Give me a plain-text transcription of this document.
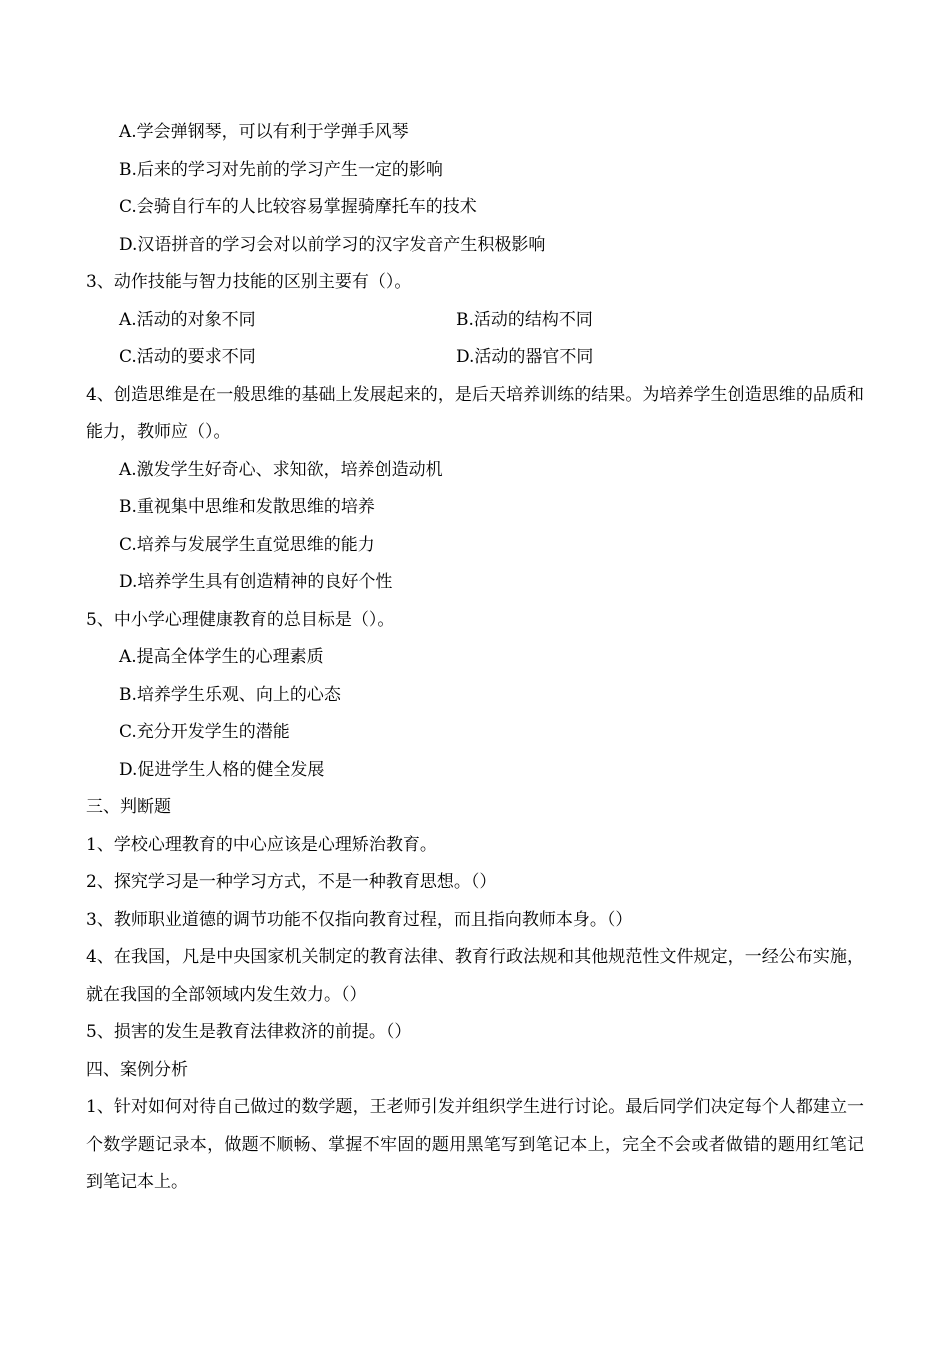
A.学会弹钢琴，可以有利于学弹手风琴
B.后来的学习对先前的学习产生一定的影响
C.会骑自行车的人比较容易掌握骑摩托车的技术
D.汉语拼音的学习会对以前学习的汉字发音产生积极影响
3、动作技能与智力技能的区别主要有（）。
A.活动的对象不同	B.活动的结构不同
C.活动的要求不同	D.活动的器官不同

4、创造思维是在一般思维的基础上发展起来的，是后天培养训练的结果。为培养学生创造思维的品质和能力，教师应（）。

A.激发学生好奇心、求知欲，培养创造动机
B.重视集中思维和发散思维的培养
C.培养与发展学生直觉思维的能力
D.培养学生具有创造精神的良好个性
5、中小学心理健康教育的总目标是（）。
A.提高全体学生的心理素质
B.培养学生乐观、向上的心态
C.充分开发学生的潜能
D.促进学生人格的健全发展
三、判断题
1、学校心理教育的中心应该是心理矫治教育。
2、探究学习是一种学习方式，不是一种教育思想。（）
3、教师职业道德的调节功能不仅指向教育过程，而且指向教师本身。（）

4、在我国，凡是中央国家机关制定的教育法律、教育行政法规和其他规范性文件规定，一经公布实施，就在我国的全部领域内发生效力。（）

5、损害的发生是教育法律救济的前提。（）
四、案例分析

1、针对如何对待自己做过的数学题，王老师引发并组织学生进行讨论。最后同学们决定每个人都建立一个数学题记录本，做题不顺畅、掌握不牢固的题用黑笔写到笔记本上，完全不会或者做错的题用红笔记到笔记本上。
